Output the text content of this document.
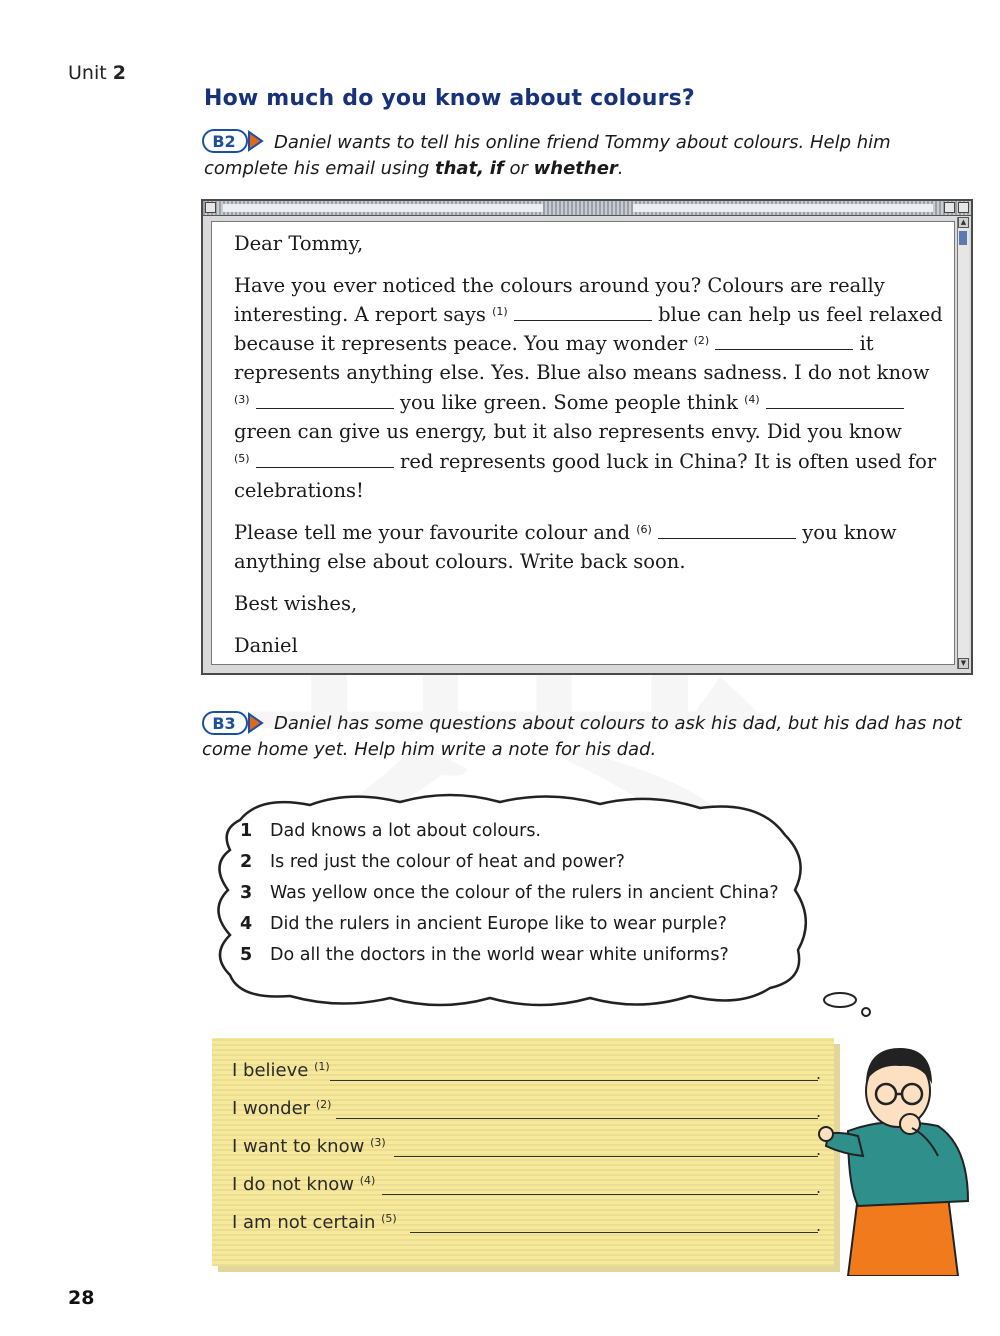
Unit 2
How much do you know about colours?
B2 Daniel wants to tell his online friend Tommy about colours. Help him
complete his email using that, if or whether.
Dear Tommy,
Have you ever noticed the colours around you? Colours are really
interesting. A report says $^{(1)}$	blue can help us feel relaxed
because it represents peace. You may wonder $^{(2)}$	it
represents anything else. Yes. Blue also means sadness. I do not know
$^{(3)}$	you like green. Some people think $^{(4)}$
green can give us energy, but it also represents envy. Did you know
$^{(5)}$	red represents good luck in China? It is often used for
celebrations!
Please tell me your favourite colour and $^{(6)}$	you know
anything else about colours. Write back soon.
Best wishes,
Daniel
▲
▼
B3 Daniel has some questions about colours to ask his dad, but his dad has not
come home yet. Help him write a note for his dad.
1 Dad knows a lot about colours.
2 Is red just the colour of heat and power?
3 Was yellow once the colour of the rulers in ancient China?
4 Did the rulers in ancient Europe like to wear purple?
5 Do all the doctors in the world wear white uniforms?
I believe $^{(1)}$	.
I wonder $^{(2)}$	.
I want to know $^{(3)}$	.
I do not know $^{(4)}$	.
I am not certain $^{(5)}$	.
28
